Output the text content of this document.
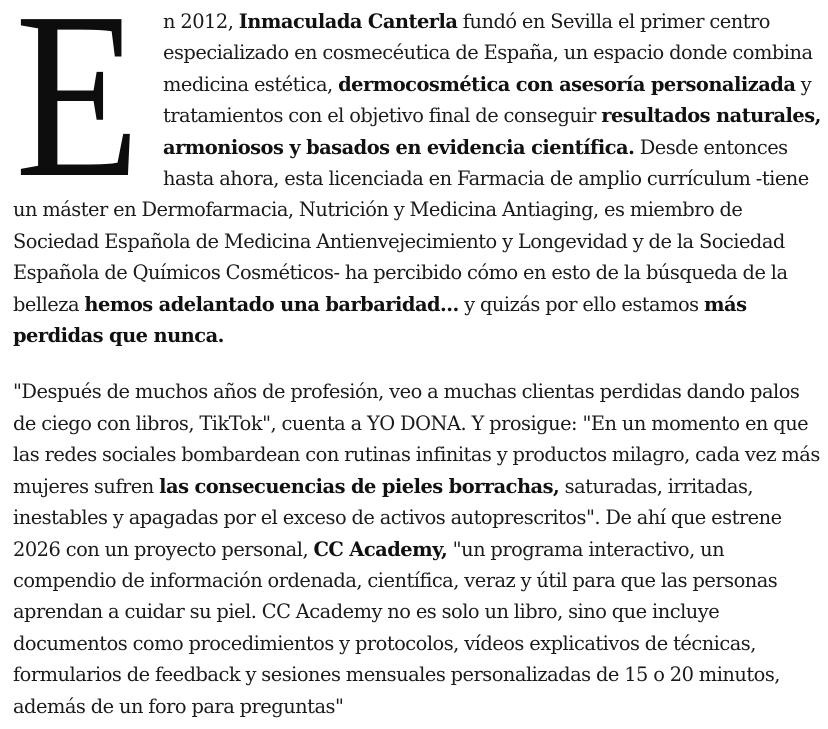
E n 2012, Inmaculada Canterla fundó en Sevilla el primer centro especializado en cosmecéutica de España, un espacio donde combina medicina estética, dermocosmética con asesoría personalizada y tratamientos con el objetivo final de conseguir resultados naturales, armoniosos y basados en evidencia científica. Desde entonces hasta ahora, esta licenciada en Farmacia de amplio currículum -tiene un máster en Dermofarmacia, Nutrición y Medicina Antiaging, es miembro de Sociedad Española de Medicina Antienvejecimiento y Longevidad y de la Sociedad Española de Químicos Cosméticos- ha percibido cómo en esto de la búsqueda de la belleza hemos adelantado una barbaridad... y quizás por ello estamos más perdidas que nunca.

"Después de muchos años de profesión, veo a muchas clientas perdidas dando palos de ciego con libros, TikTok", cuenta a YO DONA. Y prosigue: "En un momento en que las redes sociales bombardean con rutinas infinitas y productos milagro, cada vez más mujeres sufren las consecuencias de pieles borrachas, saturadas, irritadas, inestables y apagadas por el exceso de activos autoprescritos". De ahí que estrene 2026 con un proyecto personal, CC Academy, "un programa interactivo, un compendio de información ordenada, científica, veraz y útil para que las personas aprendan a cuidar su piel. CC Academy no es solo un libro, sino que incluye documentos como procedimientos y protocolos, vídeos explicativos de técnicas, formularios de feedback y sesiones mensuales personalizadas de 15 o 20 minutos, además de un foro para preguntas"
